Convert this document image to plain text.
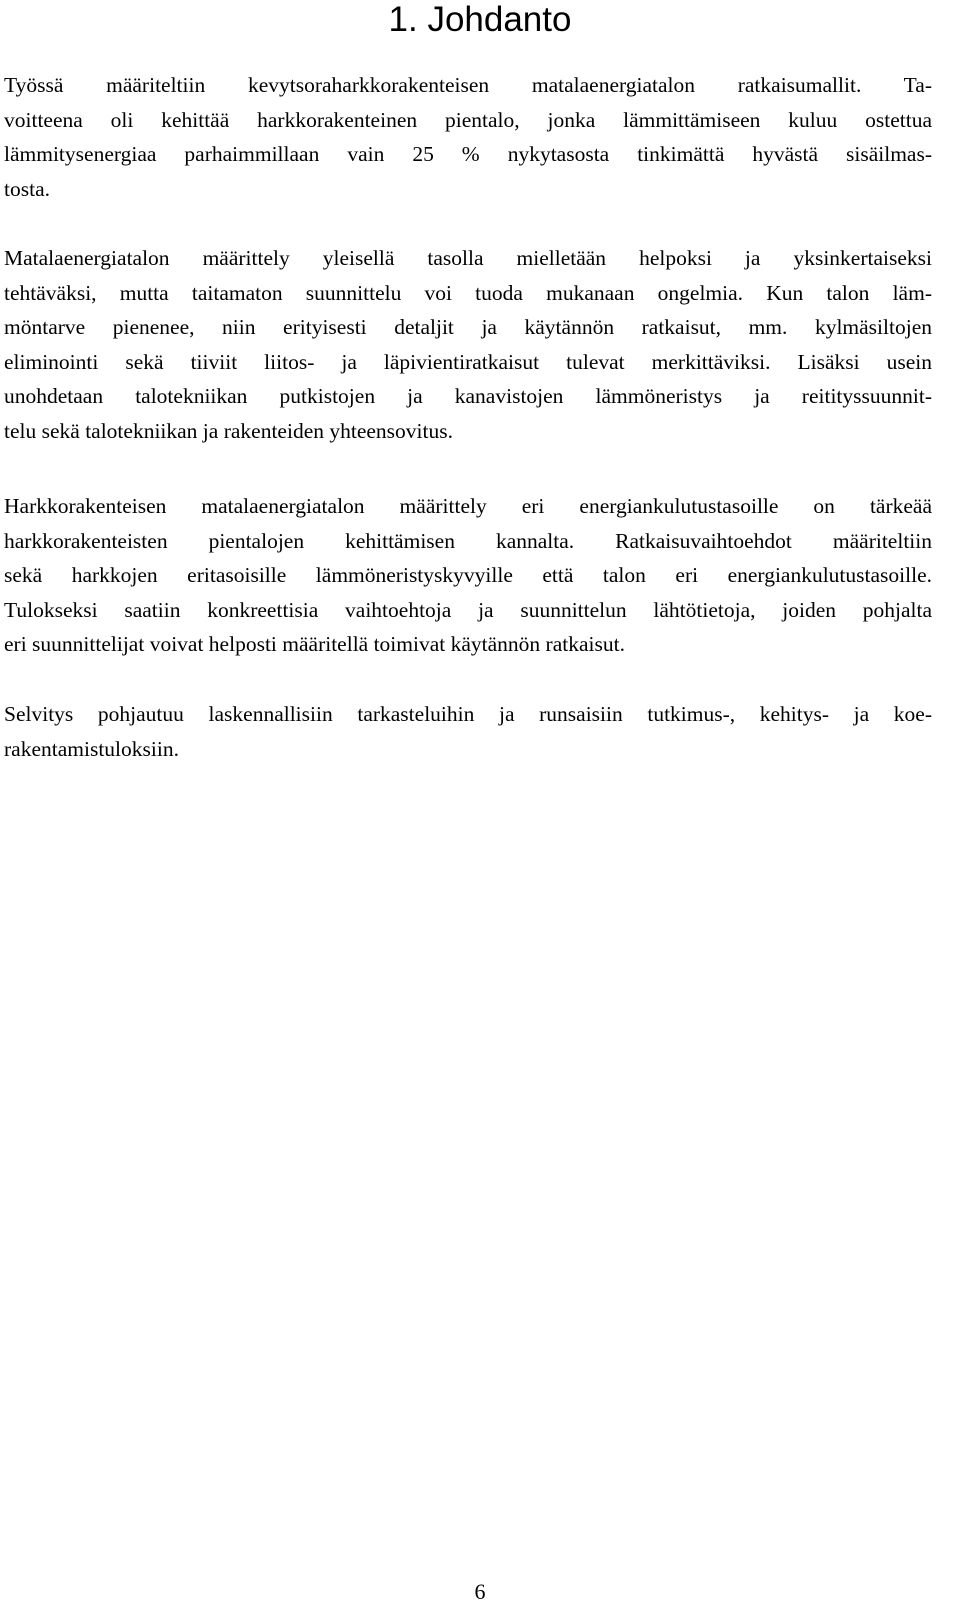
1. Johdanto

Työssä määriteltiin kevytsoraharkkorakenteisen matalaenergiatalon ratkaisumallit. Ta-
voitteena oli kehittää harkkorakenteinen pientalo, jonka lämmittämiseen kuluu ostettua
lämmitysenergiaa parhaimmillaan vain 25 % nykytasosta tinkimättä hyvästä sisäilmas-
tosta.

Matalaenergiatalon määrittely yleisellä tasolla mielletään helpoksi ja yksinkertaiseksi
tehtäväksi, mutta taitamaton suunnittelu voi tuoda mukanaan ongelmia. Kun talon läm-
möntarve pienenee, niin erityisesti detaljit ja käytännön ratkaisut, mm. kylmäsiltojen
eliminointi sekä tiiviit liitos- ja läpivientiratkaisut tulevat merkittäviksi. Lisäksi usein
unohdetaan talotekniikan putkistojen ja kanavistojen lämmöneristys ja reitityssuunnit-
telu sekä talotekniikan ja rakenteiden yhteensovitus.

Harkkorakenteisen matalaenergiatalon määrittely eri energiankulutustasoille on tärkeää
harkkorakenteisten pientalojen kehittämisen kannalta. Ratkaisuvaihtoehdot määriteltiin
sekä harkkojen eritasoisille lämmöneristyskyvyille että talon eri energiankulutustasoille.
Tulokseksi saatiin konkreettisia vaihtoehtoja ja suunnittelun lähtötietoja, joiden pohjalta
eri suunnittelijat voivat helposti määritellä toimivat käytännön ratkaisut.

Selvitys pohjautuu laskennallisiin tarkasteluihin ja runsaisiin tutkimus-, kehitys- ja koe-
rakentamistuloksiin.

6
